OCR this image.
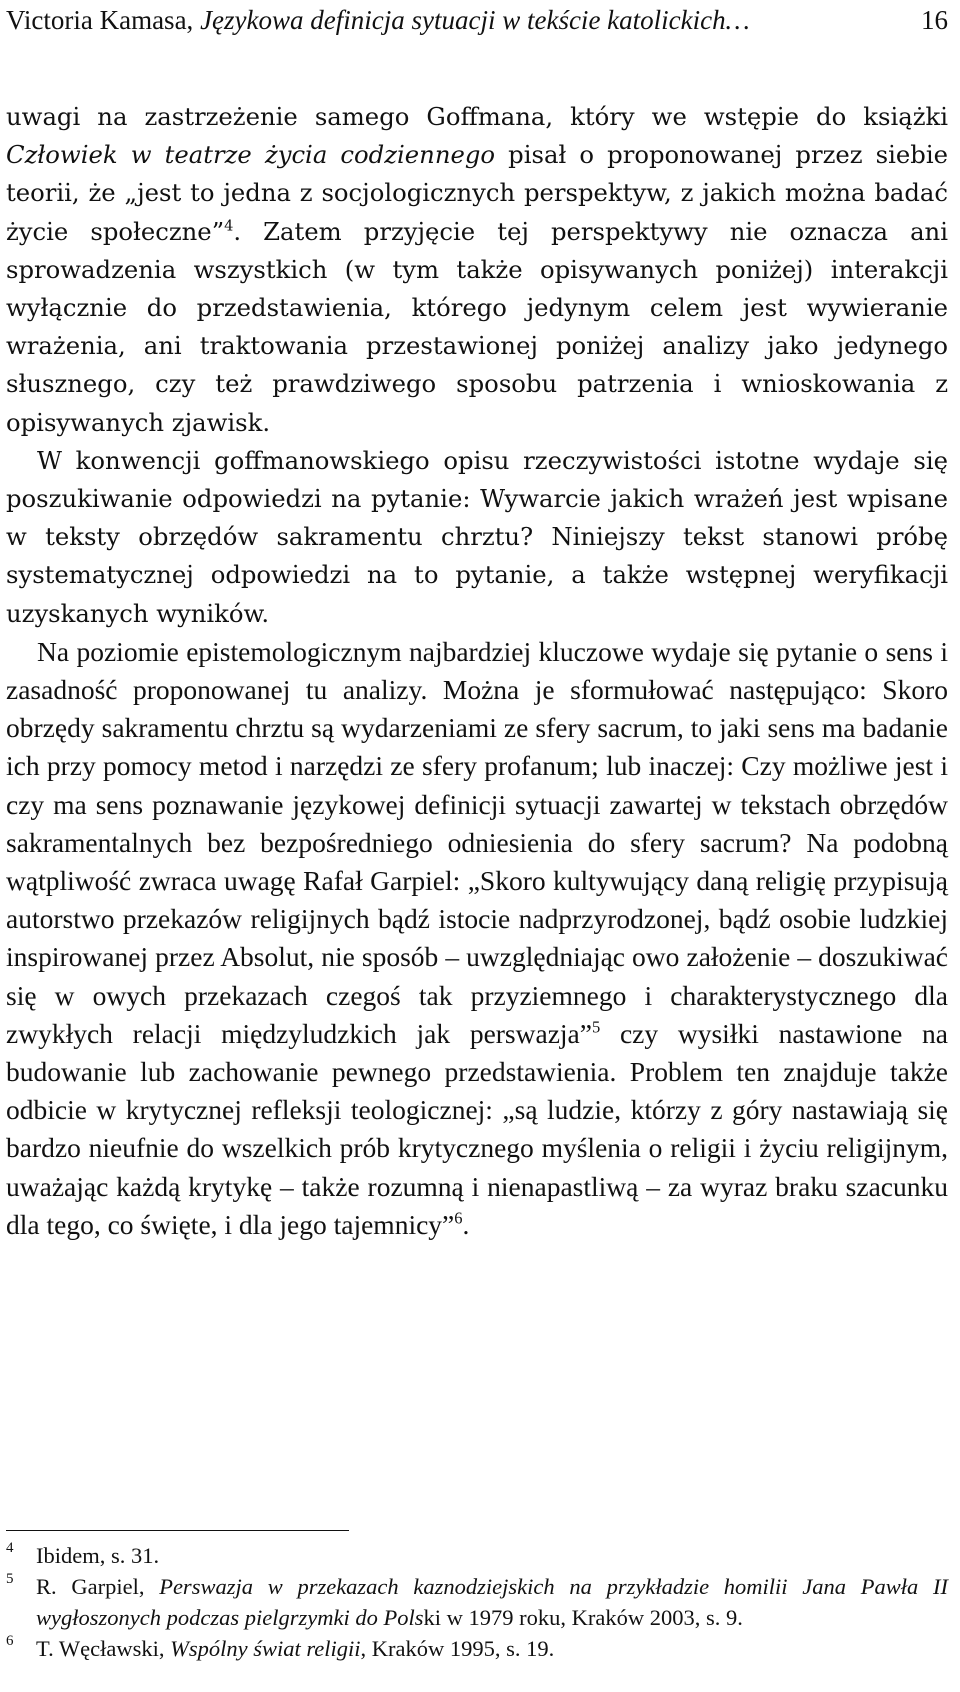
Victoria Kamasa, Językowa definicja sytuacji w tekście katolickich…	16

uwagi na zastrzeżenie samego Goffmana, który we wstępie do książki Człowiek w teatrze życia codziennego pisał o proponowanej przez siebie teorii, że „jest to jedna z socjologicznych perspektyw, z jakich można badać życie społeczne”$^4$. Zatem przyjęcie tej perspektywy nie oznacza ani sprowadzenia wszystkich (w tym także opisywanych poniżej) interakcji wyłącznie do przedstawienia, którego jedynym celem jest wywieranie wrażenia, ani traktowania przestawionej poniżej analizy jako jedynego słusznego, czy też prawdziwego sposobu patrzenia i wnioskowania z opisywanych zjawisk.

W konwencji goffmanowskiego opisu rzeczywistości istotne wydaje się poszukiwanie odpowiedzi na pytanie: Wywarcie jakich wrażeń jest wpisane w teksty obrzędów sakramentu chrztu? Niniejszy tekst stanowi próbę systematycznej odpowiedzi na to pytanie, a także wstępnej weryfikacji uzyskanych wyników.

Na poziomie epistemologicznym najbardziej kluczowe wydaje się pytanie o sens i zasadność proponowanej tu analizy. Można je sformułować następująco: Skoro obrzędy sakramentu chrztu są wydarzeniami ze sfery sacrum, to jaki sens ma badanie ich przy pomocy metod i narzędzi ze sfery profanum; lub inaczej: Czy możliwe jest i czy ma sens poznawanie językowej definicji sytuacji zawartej w tekstach obrzędów sakramentalnych bez bezpośredniego odniesienia do sfery sacrum? Na podobną wątpliwość zwraca uwagę Rafał Garpiel: „Skoro kultywujący daną religię przypisują autorstwo przekazów religijnych bądź istocie nadprzyrodzonej, bądź osobie ludzkiej inspirowanej przez Absolut, nie sposób – uwzględniając owo założenie – doszukiwać się w owych przekazach czegoś tak przyziemnego i charakterystycznego dla zwykłych relacji międzyludzkich jak perswazja”$^5$ czy wysiłki nastawione na budowanie lub zachowanie pewnego przedstawienia. Problem ten znajduje także odbicie w krytycznej refleksji teologicznej: „są ludzie, którzy z góry nastawiają się bardzo nieufnie do wszelkich prób krytycznego myślenia o religii i życiu religijnym, uważając każdą krytykę – także rozumną i nienapastliwą – za wyraz braku szacunku dla tego, co święte, i dla jego tajemnicy”$^6$.

4 Ibidem, s. 31.
5 R. Garpiel, Perswazja w przekazach kaznodziejskich na przykładzie homilii Jana Pawła II wygłoszonych podczas pielgrzymki do Polski w 1979 roku, Kraków 2003, s. 9.
6 T. Węcławski, Wspólny świat religii, Kraków 1995, s. 19.
